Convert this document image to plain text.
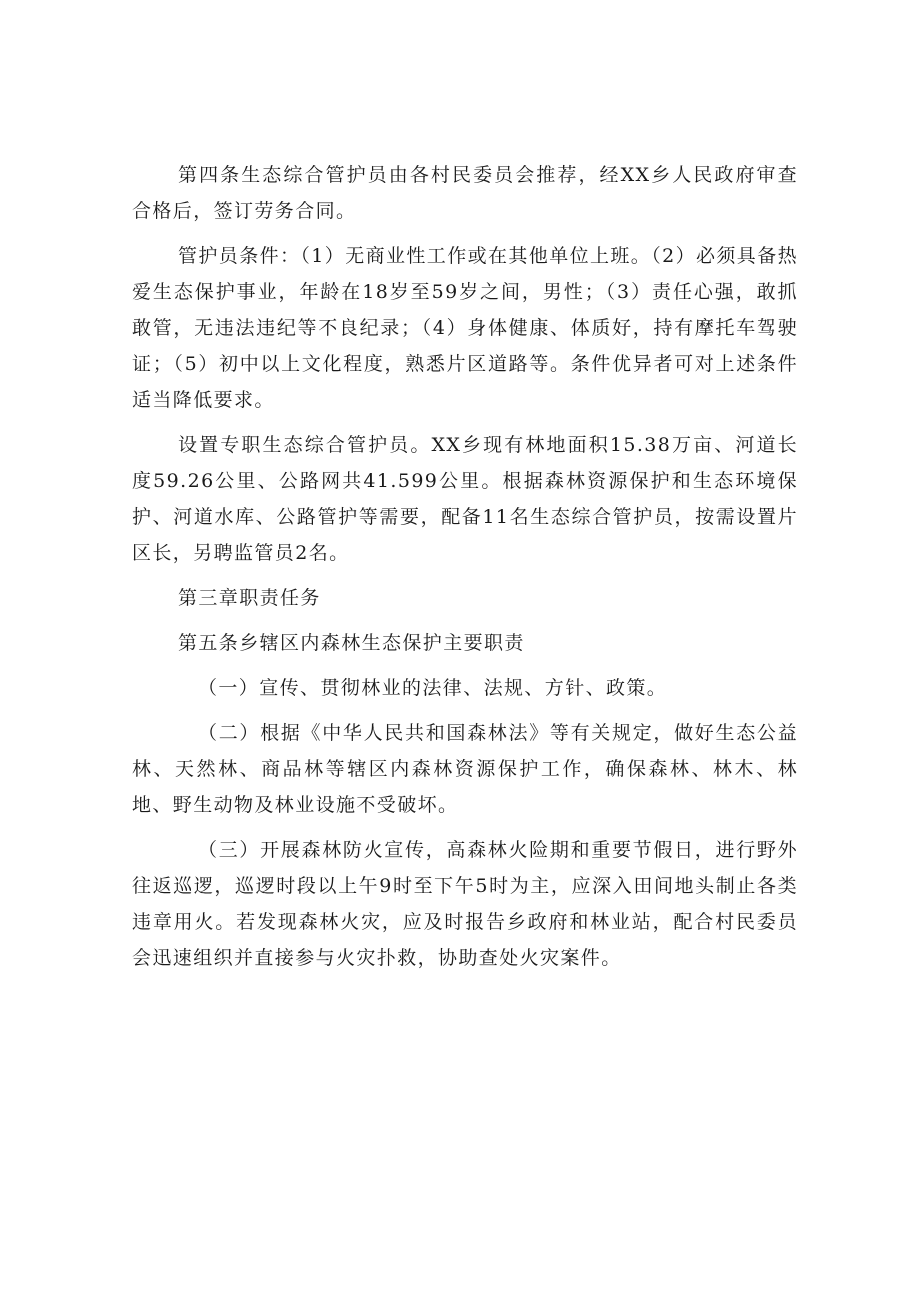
第四条生态综合管护员由各村民委员会推荐，经XX乡人民政府审查合格后，签订劳务合同。

管护员条件：（1）无商业性工作或在其他单位上班。（2）必须具备热爱生态保护事业，年龄在18岁至59岁之间，男性；（3）责任心强，敢抓敢管，无违法违纪等不良纪录；（4）身体健康、体质好，持有摩托车驾驶证；（5）初中以上文化程度，熟悉片区道路等。条件优异者可对上述条件适当降低要求。

设置专职生态综合管护员。XX乡现有林地面积15.38万亩、河道长度59.26公里、公路网共41.599公里。根据森林资源保护和生态环境保护、河道水库、公路管护等需要，配备11名生态综合管护员，按需设置片区长，另聘监管员2名。

第三章职责任务

第五条乡辖区内森林生态保护主要职责

（一）宣传、贯彻林业的法律、法规、方针、政策。

（二）根据《中华人民共和国森林法》等有关规定，做好生态公益林、天然林、商品林等辖区内森林资源保护工作，确保森林、林木、林地、野生动物及林业设施不受破坏。

（三）开展森林防火宣传，高森林火险期和重要节假日，进行野外往返巡逻，巡逻时段以上午9时至下午5时为主，应深入田间地头制止各类违章用火。若发现森林火灾，应及时报告乡政府和林业站，配合村民委员会迅速组织并直接参与火灾扑救，协助查处火灾案件。
